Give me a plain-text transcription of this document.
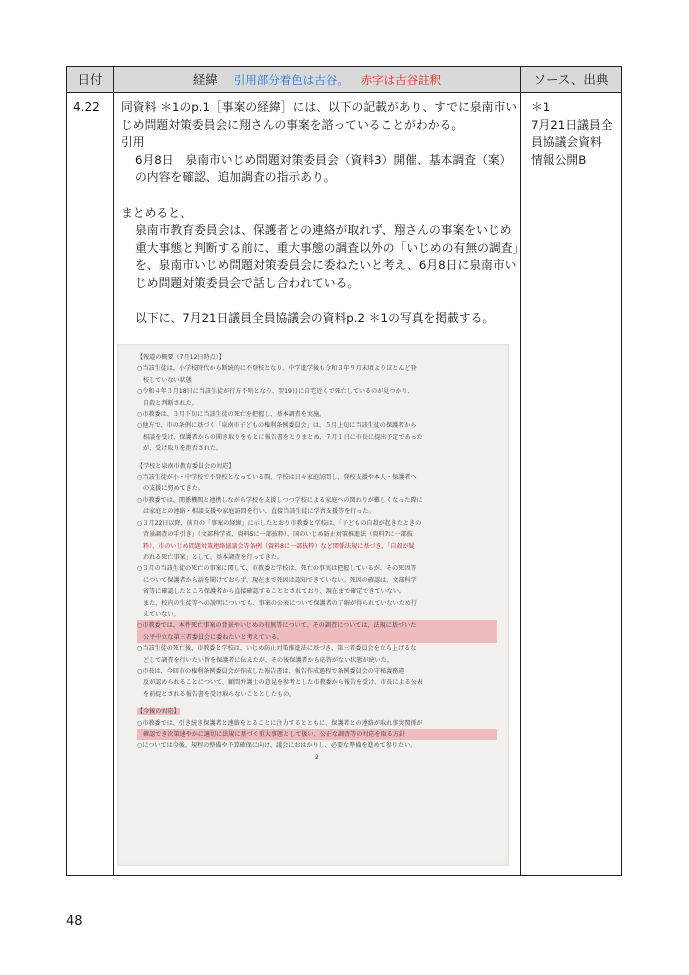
日付	経緯 引用部分着色は古谷。 赤字は古谷註釈	ソース、出典
4.22 同資料 ＊1のp.1［事案の経緯］には、以下の記載があり、すでに泉南市いじめ問題対策委員会に翔さんの事案を諮っていることがわかる。

引用

6月8日　泉南市いじめ問題対策委員会（資料3）開催、基本調査（案）の内容を確認、追加調査の指示あり。

まとめると、

泉南市教育委員会は、保護者との連絡が取れず、翔さんの事案をいじめ重大事態と判断する前に、重大事態の調査以外の「いじめの有無の調査」を、泉南市いじめ問題対策委員会に委ねたいと考え、6月8日に泉南市いじめ問題対策委員会で話し合われている。

以下に、7月21日議員全員協議会の資料p.2 ＊1の写真を掲載する。

＊1

7月21日議員全員協議会資料

情報公開B

【報道の概要（7月12日時点）】

○当該生徒は、小学校時代から断続的に不登校となり、中学進学後も令和３年９月末頃よりほとんど登

校していない状態

○令和４年３月18日に当該生徒が行方不明となり、翌19日に自宅近くで死亡しているのが見つかり、

自殺と判断された。

○市教委は、３月下旬に当該生徒の死亡を把握し、基本調査を実施。

○他方で、市の条例に基づく「泉南市子どもの権利条例委員会」は、５月上旬に当該生徒の保護者から

相談を受け、保護者からの聞き取りをもとに報告書をとりまとめ、７月１日に市長に提出予定であった

が、受け取りを拒否された。

【学校と泉南市教育委員会の対応】

○当該生徒が小・中学校で不登校となっている間、学校は日々家庭訪問し、登校支援や本人・保護者へ

の支援に努めてきた。

○市教委では、関係機関と連携しながら学校を支援しつつ学校による家庭への関わりが難しくなった際に

は家庭との連絡・相談支援や家庭訪問を行い、直接当該生徒に学習支援等を行った。

○３月22日以降、前頁の「事案の経緯」に示したとおり市教委と学校は、「子どもの自殺が起きたときの

背景調査の手引き」（文部科学省、資料5に一部抜粋）、国のいじめ防止対策推進法（資料7に一部抜

粋）、市のいじめ問題対策連絡協議会等条例（資料8に一部抜粋）など関係法規に基づき、「自殺が疑

われる死亡事案」として、基本調査を行ってきた。

○３月の当該生徒の死亡の事案に関して、市教委と学校は、死亡の事実は把握しているが、その死因等

について保護者から話を聞けておらず、現在まで死因は認知できていない。死因の確認は、文部科学

省等に確認したところ保護者から直接確認することとされており、現在まで確定できていない。

また、校内の生徒等への説明についても、事案の公表について保護者の了解が得られていないため行

えていない。

○市教委では、本件死亡事案の背景やいじめの有無等について、その調査については、法規に基づいた

公平中立な第三者委員会に委ねたいと考えている。

○当該生徒の死亡後、市教委と学校は、いじめ防止対策推進法に基づき、第三者委員会を立ち上げるな

どして調査を行いたい旨を保護者に伝えたが、その後保護者から応答がない状態が続いた。

○市長は、今回市の権利条例委員会が作成した報告書は、報告作成過程で条例委員会の守秘義務違

反が認められることについて、顧問弁護士の意見を参考とした市教委から報告を受け、市長による公表

を前提とされる報告書を受け取らないこととしたもの。

【今後の対応】

○市教委では、引き続き保護者と連絡をとることに注力するとともに、保護者との連絡が取れ事実関係が

確認でき次第速やかに適切に法規に基づく重大事態として扱い、公正な調査等の対応を取る方針

○については今後、規程の整備や予算確保に向け、議会におはかりし、必要な準備を進めて参りたい。

2

48
